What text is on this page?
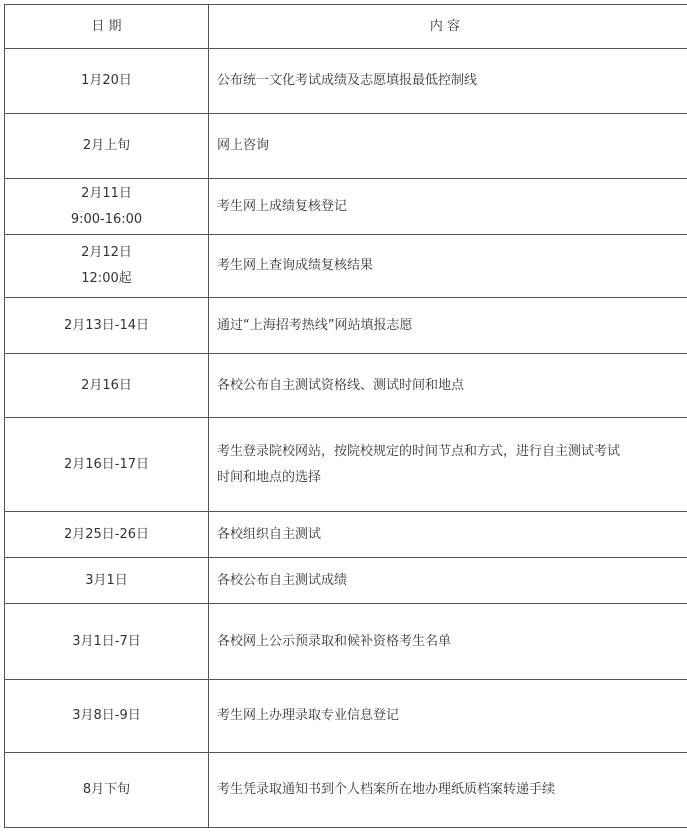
日 期	内 容

1月20日	公布统一文化考试成绩及志愿填报最低控制线

2月上旬	网上咨询

2月11日
9:00-16:00	考生网上成绩复核登记

2月12日
12:00起	考生网上查询成绩复核结果

2月13日-14日	通过“上海招考热线”网站填报志愿

2月16日	各校公布自主测试资格线、测试时间和地点

2月16日-17日	考生登录院校网站，按院校规定的时间节点和方式，进行自主测试考试
时间和地点的选择

2月25日-26日	各校组织自主测试

3月1日	各校公布自主测试成绩

3月1日-7日	各校网上公示预录取和候补资格考生名单

3月8日-9日	考生网上办理录取专业信息登记

8月下旬	考生凭录取通知书到个人档案所在地办理纸质档案转递手续
